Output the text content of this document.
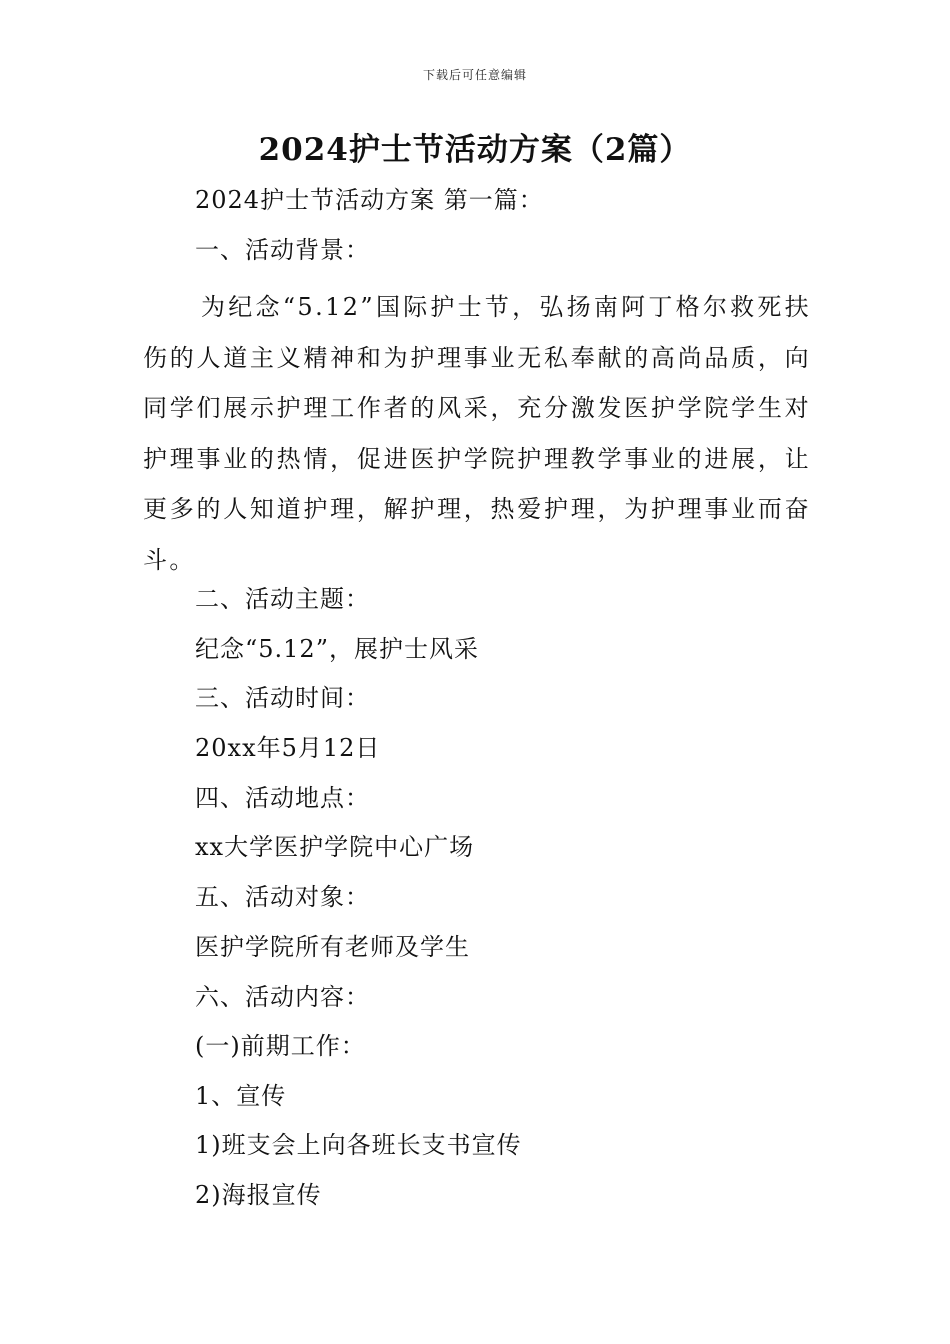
下载后可任意编辑
2024护士节活动方案（2篇）
2024护士节活动方案 第一篇：
一、活动背景：
为纪念“5.12”国际护士节，弘扬南阿丁格尔救死扶伤的人道主义精神和为护理事业无私奉献的高尚品质，向同学们展示护理工作者的风采，充分激发医护学院学生对护理事业的热情，促进医护学院护理教学事业的进展，让更多的人知道护理，解护理，热爱护理，为护理事业而奋斗。
二、活动主题：
纪念“5.12”，展护士风采
三、活动时间：
20xx年5月12日
四、活动地点：
xx大学医护学院中心广场
五、活动对象：
医护学院所有老师及学生
六、活动内容：
(一)前期工作：
1、宣传
1)班支会上向各班长支书宣传
2)海报宣传
